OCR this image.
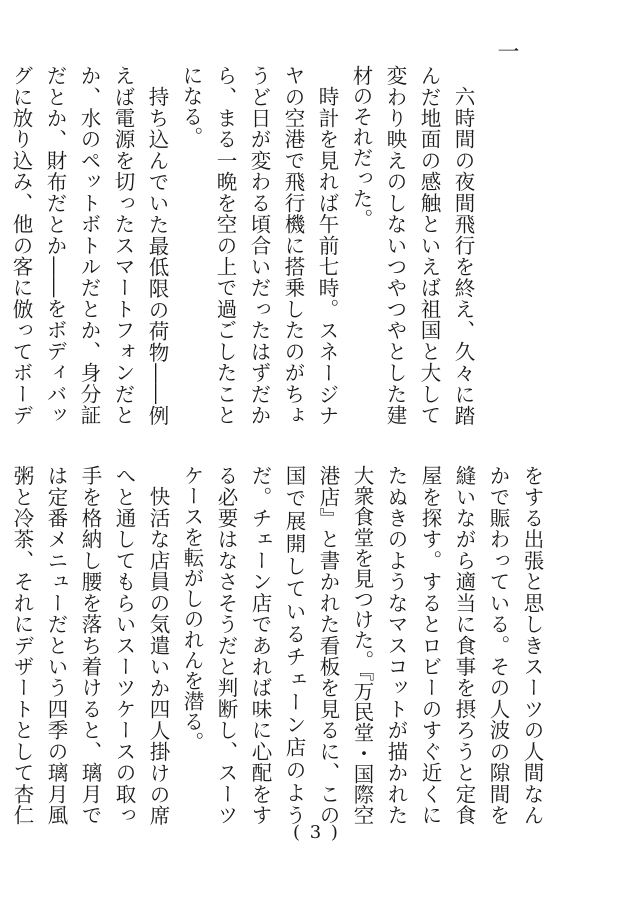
一

六時間の夜間飛行を終え、久々に踏んだ地面の感触といえば祖国と大して変わり映えのしないつやつやとした建材のそれだった。

時計を見れば午前七時。スネージナヤの空港で飛行機に搭乗したのがちょうど日が変わる頃合いだったはずだから、まる一晩を空の上で過ごしたことになる。

持ち込んでいた最低限の荷物――例えば電源を切ったスマートフォンだとか、水のペットボトルだとか、身分証だとか、財布だとか――をボディバッグに放り込み、他の客に倣ってボーデ

をする出張と思しきスーツの人間なんかで賑わっている。その人波の隙間を縫いながら適当に食事を摂ろうと定食屋を探す。するとロビーのすぐ近くにたぬきのようなマスコットが描かれた大衆食堂を見つけた。『万民堂・国際空港店』と書かれた看板を見るに、この国で展開しているチェーン店のようだ。チェーン店であれば味に心配をする必要はなさそうだと判断し、スーツケースを転がしのれんを潜る。

快活な店員の気遣いか四人掛けの席へと通してもらいスーツケースの取っ手を格納し腰を落ち着けると、璃月では定番メニューだという四季の璃月風粥と冷茶、それにデザートとして杏仁

( 3 )
